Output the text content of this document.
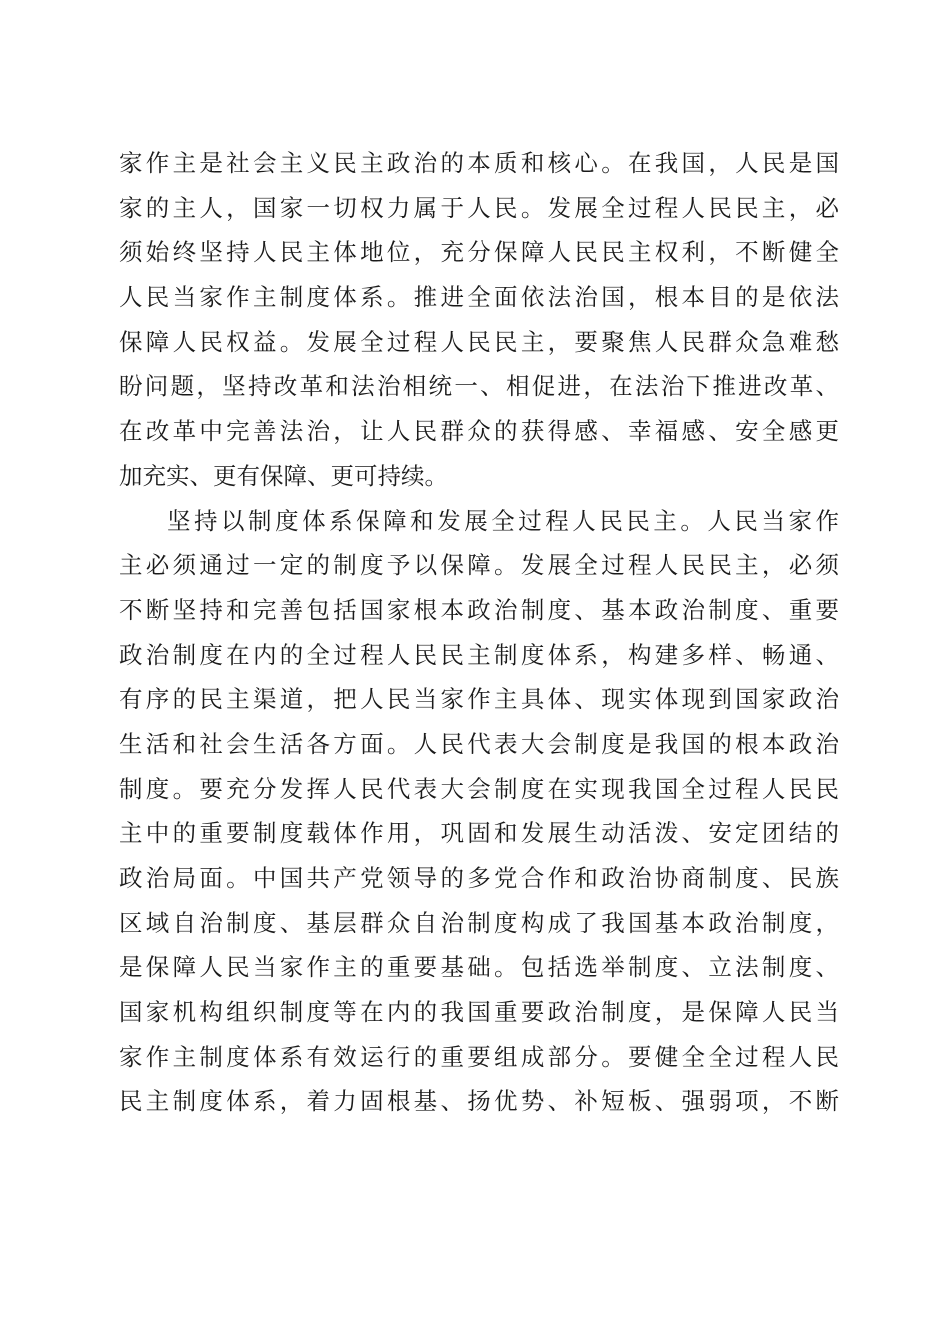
家作主是社会主义民主政治的本质和核心。在我国，人民是国
家的主人，国家一切权力属于人民。发展全过程人民民主，必
须始终坚持人民主体地位，充分保障人民民主权利，不断健全
人民当家作主制度体系。推进全面依法治国，根本目的是依法
保障人民权益。发展全过程人民民主，要聚焦人民群众急难愁
盼问题，坚持改革和法治相统一、相促进，在法治下推进改革、
在改革中完善法治，让人民群众的获得感、幸福感、安全感更
加充实、更有保障、更可持续。
坚持以制度体系保障和发展全过程人民民主。人民当家作
主必须通过一定的制度予以保障。发展全过程人民民主，必须
不断坚持和完善包括国家根本政治制度、基本政治制度、重要
政治制度在内的全过程人民民主制度体系，构建多样、畅通、
有序的民主渠道，把人民当家作主具体、现实体现到国家政治
生活和社会生活各方面。人民代表大会制度是我国的根本政治
制度。要充分发挥人民代表大会制度在实现我国全过程人民民
主中的重要制度载体作用，巩固和发展生动活泼、安定团结的
政治局面。中国共产党领导的多党合作和政治协商制度、民族
区域自治制度、基层群众自治制度构成了我国基本政治制度，
是保障人民当家作主的重要基础。包括选举制度、立法制度、
国家机构组织制度等在内的我国重要政治制度，是保障人民当
家作主制度体系有效运行的重要组成部分。要健全全过程人民
民主制度体系，着力固根基、扬优势、补短板、强弱项，不断
